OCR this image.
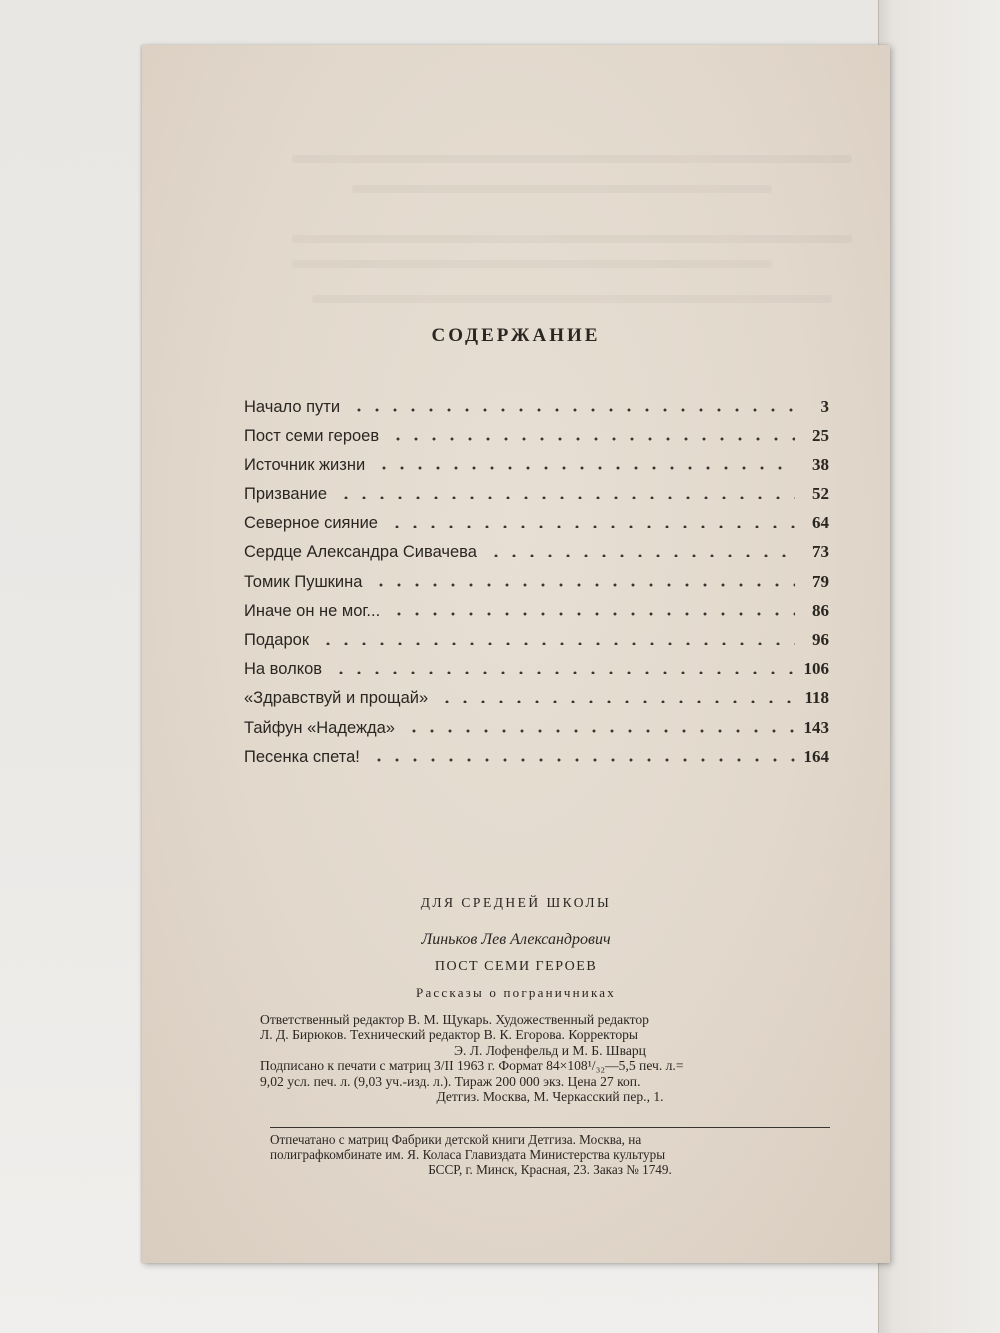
СОДЕРЖАНИЕ
Начало пути	3
Пост семи героев	25
Источник жизни	38
Призвание	52
Северное сияние	64
Сердце Александра Сивачева	73
Томик Пушкина	79
Иначе он не мог...	86
Подарок	96
На волков	106
«Здравствуй и прощай»	118
Тайфун «Надежда»	143
Песенка спета!	164
ДЛЯ СРЕДНЕЙ ШКОЛЫ
Линьков Лев Александрович
ПОСТ СЕМИ ГЕРОЕВ
Рассказы о пограничниках
Ответственный редактор В. М. Щукарь. Художественный редактор
Л. Д. Бирюков. Технический редактор В. К. Егорова. Корректоры
Э. Л. Лофенфельд и М. Б. Шварц
Подписано к печати с матриц 3/II 1963 г. Формат 84×108¹/₃₂—5,5 печ. л.=
9,02 усл. печ. л. (9,03 уч.-изд. л.). Тираж 200 000 экз. Цена 27 коп.
Детгиз. Москва, М. Черкасский пер., 1.
Отпечатано с матриц Фабрики детской книги Детгиза. Москва, на
полиграфкомбинате им. Я. Коласа Главиздата Министерства культуры
БССР, г. Минск, Красная, 23. Заказ № 1749.
